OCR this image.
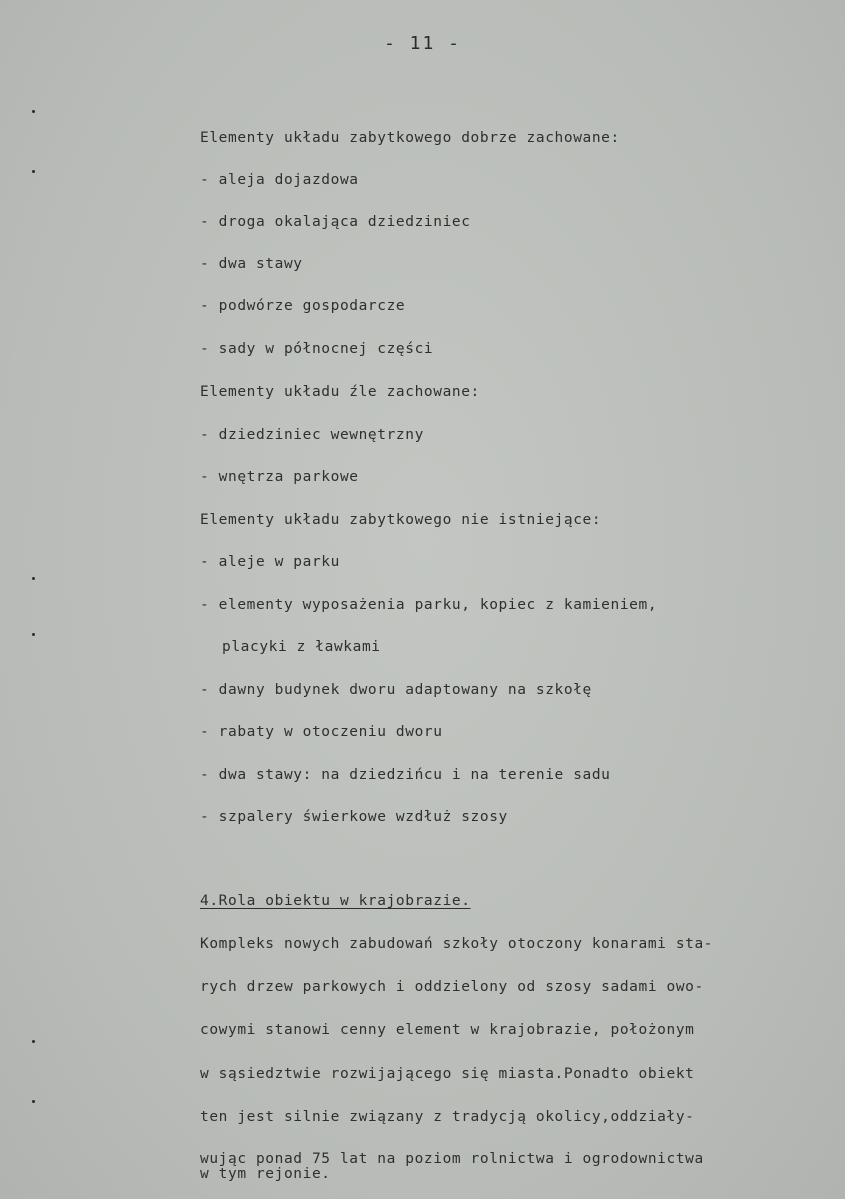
- 11 -
Elementy układu zabytkowego dobrze zachowane:
- aleja dojazdowa
- droga okalająca dziedziniec
- dwa stawy
- podwórze gospodarcze
- sady w północnej części
Elementy układu źle zachowane:
- dziedziniec wewnętrzny
- wnętrza parkowe
Elementy układu zabytkowego nie istniejące:
- aleje w parku
- elementy wyposażenia parku, kopiec z kamieniem,
placyki z ławkami
- dawny budynek dworu adaptowany na szkołę
- rabaty w otoczeniu dworu
- dwa stawy: na dziedzińcu i na terenie sadu
- szpalery świerkowe wzdłuż szosy
4.Rola obiektu w krajobrazie.
Kompleks nowych zabudowań szkoły otoczony konarami sta-
rych drzew parkowych i oddzielony od szosy sadami owo-
cowymi stanowi cenny element w krajobrazie, położonym
w sąsiedztwie rozwijającego się miasta.Ponadto obiekt
ten jest silnie związany z tradycją okolicy,oddziały-
wując ponad 75 lat na poziom rolnictwa i ogrodownictwa
w tym rejonie.
